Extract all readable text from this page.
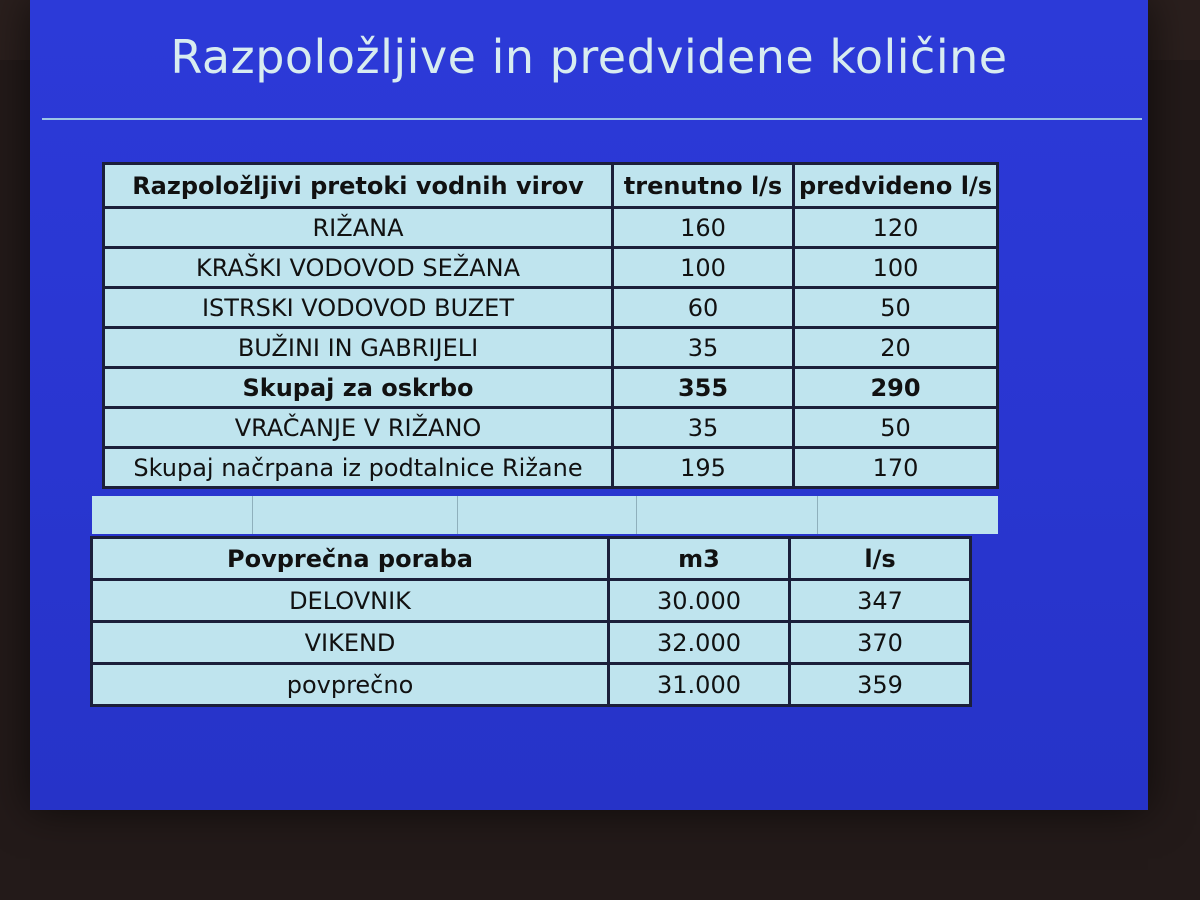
Razpoložljive in predvidene količine
Razpoložljivi pretoki vodnih virov	trenutno l/s	predvideno l/s
RIŽANA	160	120
KRAŠKI VODOVOD SEŽANA	100	100
ISTRSKI VODOVOD BUZET	60	50
BUŽINI IN GABRIJELI	35	20
Skupaj za oskrbo	355	290
VRAČANJE V RIŽANO	35	50
Skupaj načrpana iz podtalnice Rižane	195	170
Povprečna poraba	m3	l/s
DELOVNIK	30.000	347
VIKEND	32.000	370
povprečno	31.000	359
